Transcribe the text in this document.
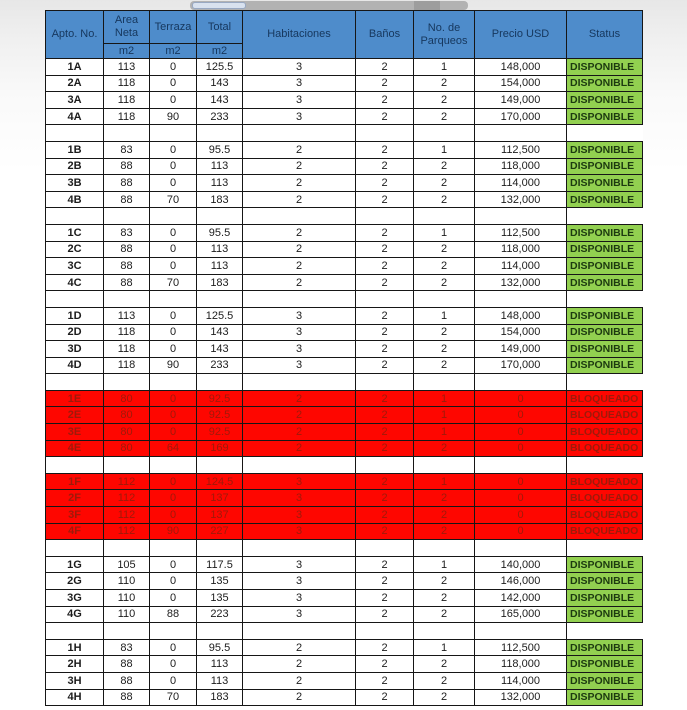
Apto. No.	Area Neta	Terraza	Total	Habitaciones	Baños	No. de Parqueos	Precio USD	Status
	m2	m2	m2					
1A	113	0	125.5	3	2	1	148,000	DISPONIBLE
2A	118	0	143	3	2	2	154,000	DISPONIBLE
3A	118	0	143	3	2	2	149,000	DISPONIBLE
4A	118	90	233	3	2	2	170,000	DISPONIBLE

1B	83	0	95.5	2	2	1	112,500	DISPONIBLE
2B	88	0	113	2	2	2	118,000	DISPONIBLE
3B	88	0	113	2	2	2	114,000	DISPONIBLE
4B	88	70	183	2	2	2	132,000	DISPONIBLE

1C	83	0	95.5	2	2	1	112,500	DISPONIBLE
2C	88	0	113	2	2	2	118,000	DISPONIBLE
3C	88	0	113	2	2	2	114,000	DISPONIBLE
4C	88	70	183	2	2	2	132,000	DISPONIBLE

1D	113	0	125.5	3	2	1	148,000	DISPONIBLE
2D	118	0	143	3	2	2	154,000	DISPONIBLE
3D	118	0	143	3	2	2	149,000	DISPONIBLE
4D	118	90	233	3	2	2	170,000	DISPONIBLE

1E	80	0	92.5	2	2	1	0	BLOQUEADO
2E	80	0	92.5	2	2	1	0	BLOQUEADO
3E	80	0	92.5	2	2	1	0	BLOQUEADO
4E	80	64	169	2	2	2	0	BLOQUEADO

1F	112	0	124.5	3	2	1	0	BLOQUEADO
2F	112	0	137	3	2	2	0	BLOQUEADO
3F	112	0	137	3	2	2	0	BLOQUEADO
4F	112	90	227	3	2	2	0	BLOQUEADO

1G	105	0	117.5	3	2	1	140,000	DISPONIBLE
2G	110	0	135	3	2	2	146,000	DISPONIBLE
3G	110	0	135	3	2	2	142,000	DISPONIBLE
4G	110	88	223	3	2	2	165,000	DISPONIBLE

1H	83	0	95.5	2	2	1	112,500	DISPONIBLE
2H	88	0	113	2	2	2	118,000	DISPONIBLE
3H	88	0	113	2	2	2	114,000	DISPONIBLE
4H	88	70	183	2	2	2	132,000	DISPONIBLE
